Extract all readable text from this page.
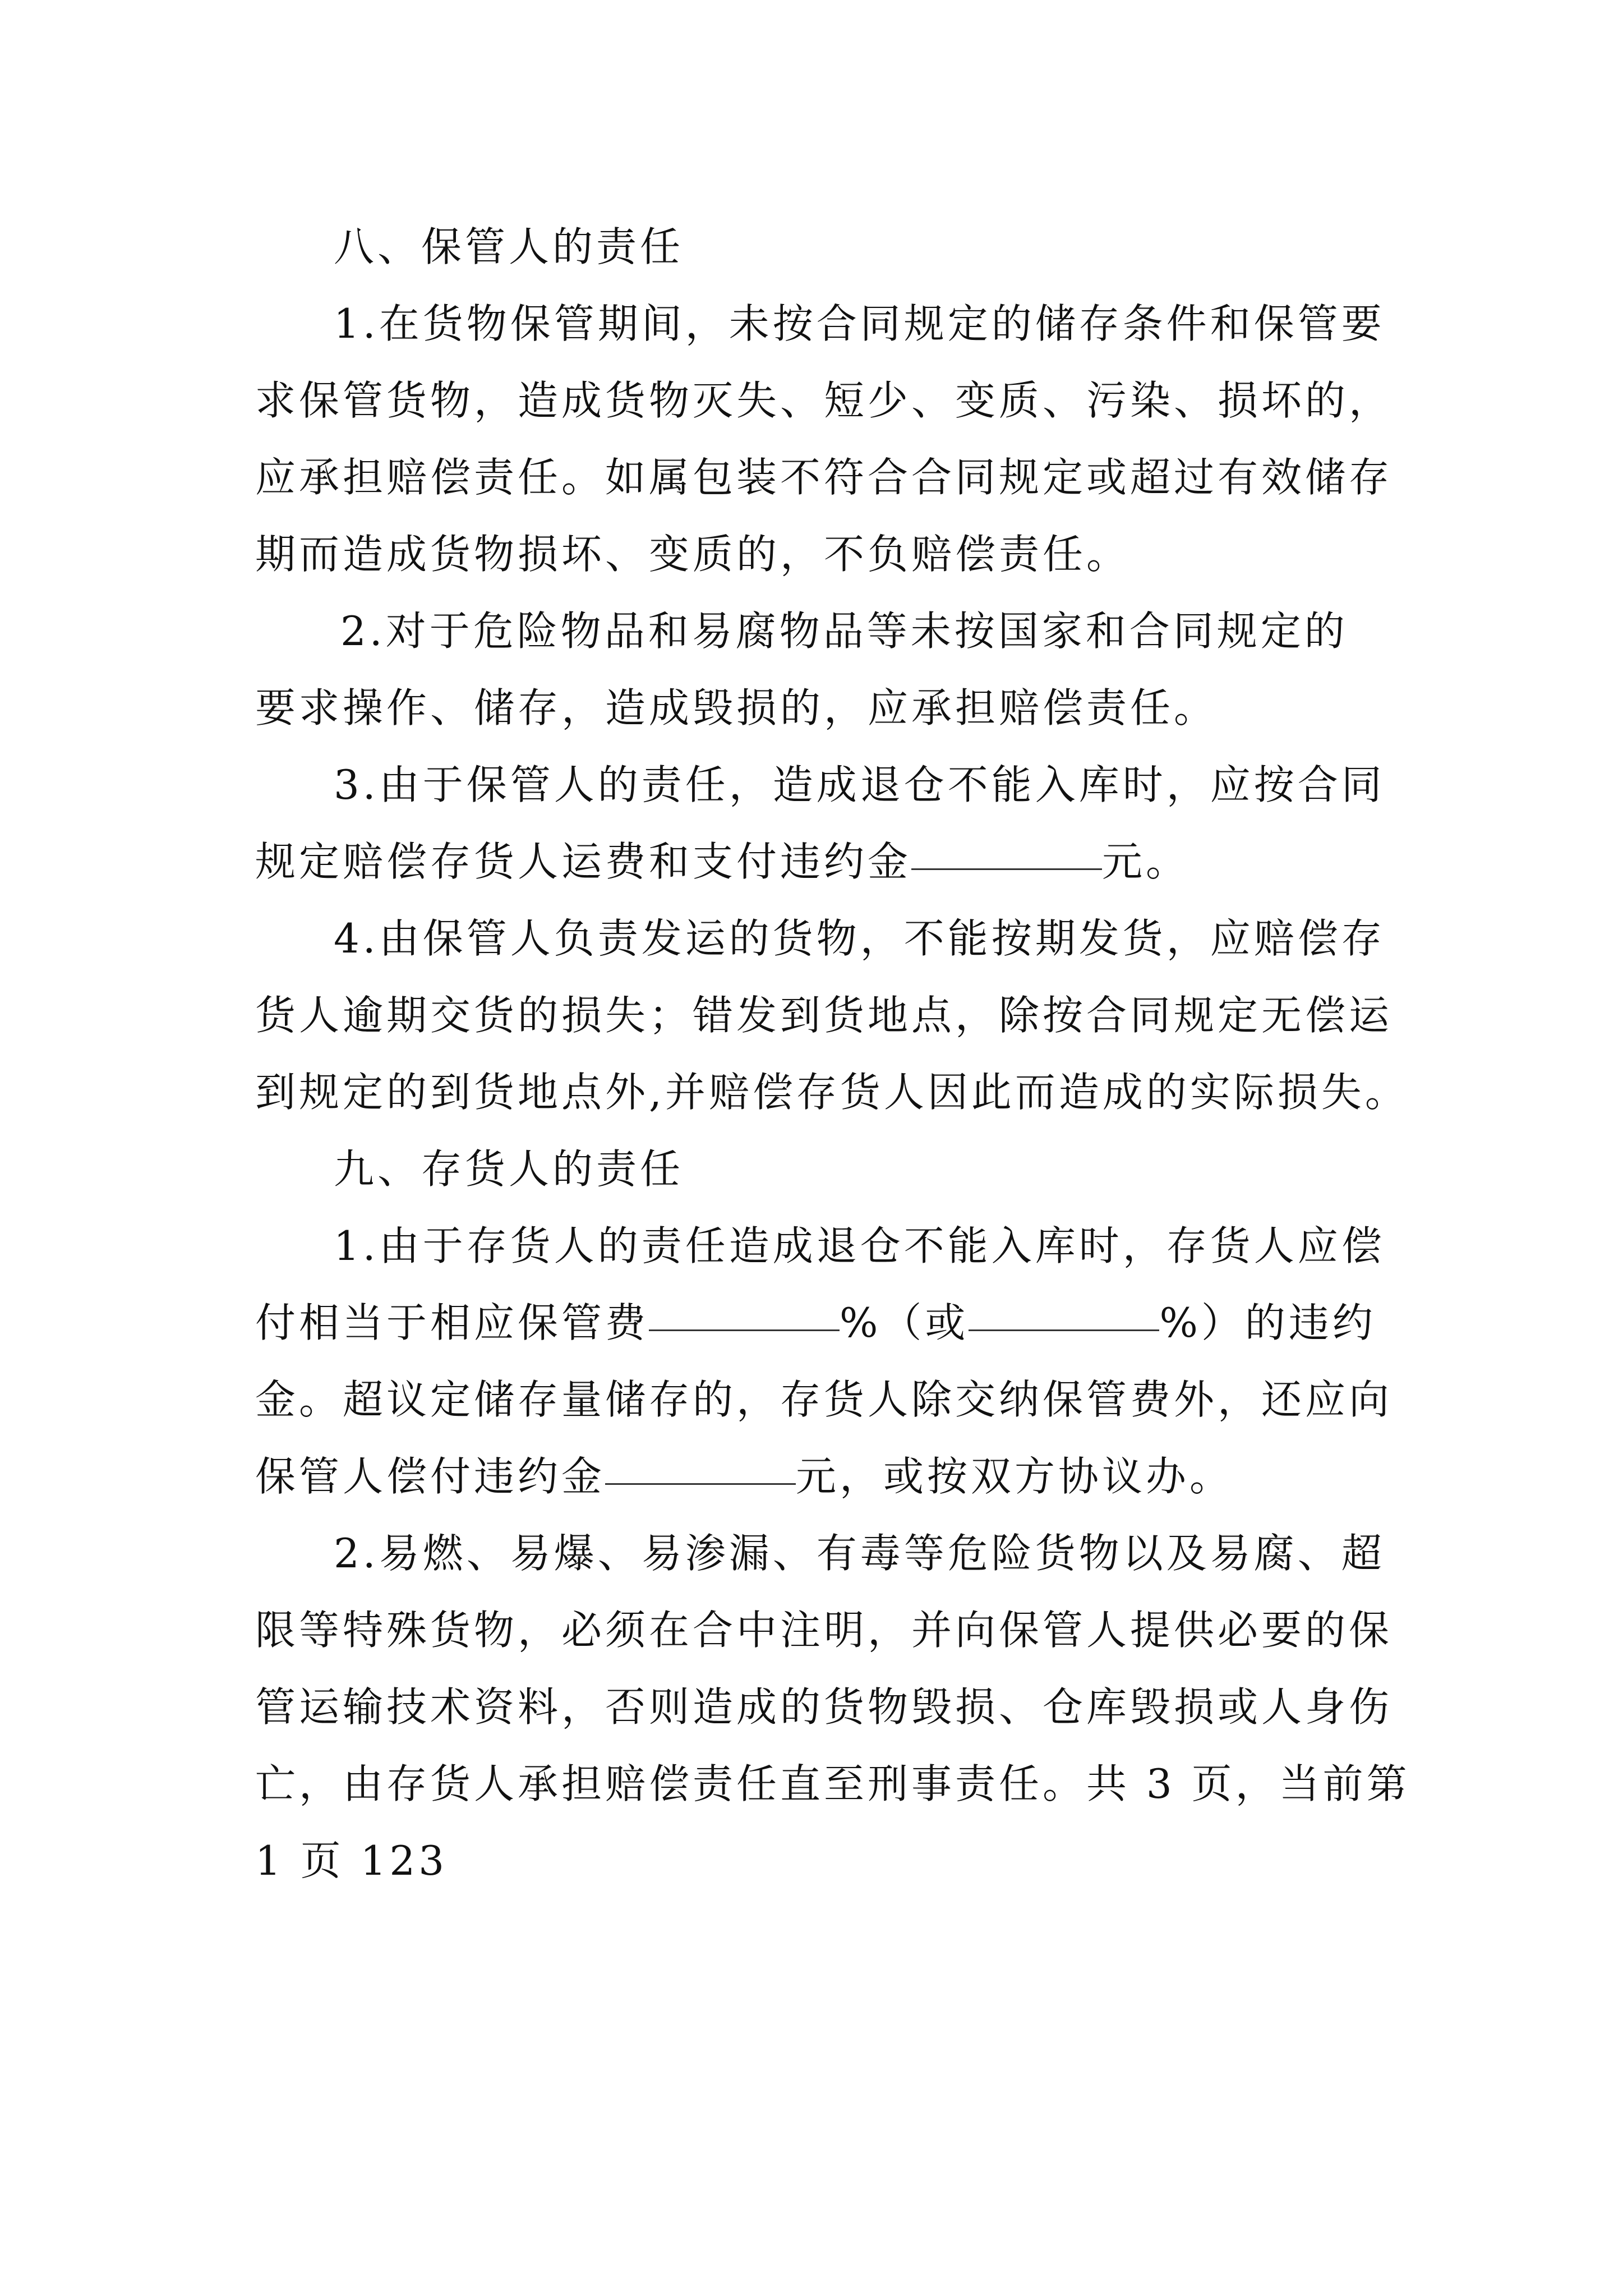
八、保管人的责任
1.在货物保管期间，未按合同规定的储存条件和保管要
求保管货物，造成货物灭失、短少、变质、污染、损坏的，
应承担赔偿责任。如属包装不符合合同规定或超过有效储存
期而造成货物损坏、变质的，不负赔偿责任。
2.对于危险物品和易腐物品等未按国家和合同规定的
要求操作、储存，造成毁损的，应承担赔偿责任。
3.由于保管人的责任，造成退仓不能入库时，应按合同
规定赔偿存货人运费和支付违约金	元。
4.由保管人负责发运的货物，不能按期发货，应赔偿存
货人逾期交货的损失；错发到货地点，除按合同规定无偿运
到规定的到货地点外,并赔偿存货人因此而造成的实际损失。
九、存货人的责任
1.由于存货人的责任造成退仓不能入库时，存货人应偿
付相当于相应保管费	%（或	%）的违约
金。超议定储存量储存的，存货人除交纳保管费外，还应向
保管人偿付违约金	元，或按双方协议办。
2.易燃、易爆、易渗漏、有毒等危险货物以及易腐、超
限等特殊货物，必须在合中注明，并向保管人提供必要的保
管运输技术资料，否则造成的货物毁损、仓库毁损或人身伤
亡，由存货人承担赔偿责任直至刑事责任。共 3 页，当前第
1 页 123
